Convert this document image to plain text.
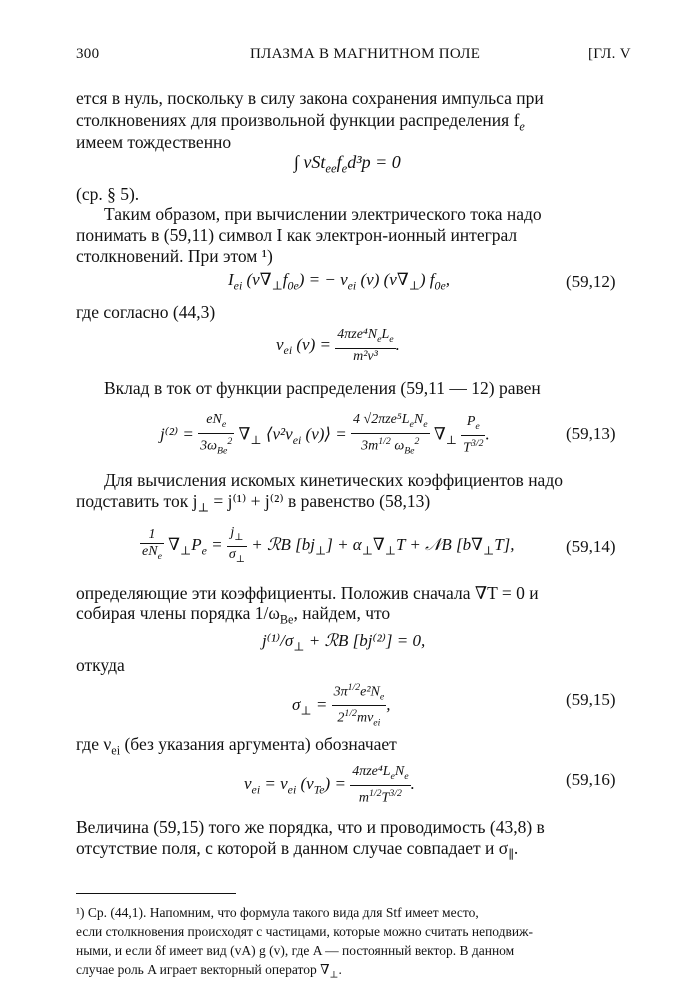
300	ПЛАЗМА В МАГНИТНОМ ПОЛЕ	[ГЛ. V
ется в нуль, поскольку в силу закона сохранения импульса при
столкновениях для произвольной функции распределения $f_e$
имеем тождественно
∫ $vSt_{ee}f_ed^3p = 0$
(ср. § 5).
Таким образом, при вычислении электрического тока надо
понимать в (59,11) символ I как электрон-ионный интеграл
столкновений. При этом ¹)
$I_{ei}$ $(v\nabla_\perp f_{0e})$ = − $\nu_{ei}$ (v) $(v\nabla_\perp)$ $f_{0e}$,	(59,12)
где согласно (44,3)
$\nu_{ei}$ $(v) = \frac{4\pi ze^4N_eL_e}{\text{m²v³}}$ .
Вклад в ток от функции распределения (59,11 — 12) равен
$j^{(2)} = \frac{eN_e}{3\omega_{Be}^2} \nabla_\perp$ $⟨v^2\nu_{ei}$ (v)⟩ = $\frac{4 √2\pi ze^5L_eN_e}{3m^{1/2} \omega_{Be}^2} \nabla_\perp \frac{P_e}{T^{3/2}}$ .	(59,13)
Для вычисления искомых кинетических коэффициентов надо
подставить ток $j_\perp = j^{(1)} + j^{(2)}$ в равенство (58,13)
$\frac{1}{eN_e} \nabla_\perp P_e = \frac{j_\perp}{\sigma_\perp}$ + ℛB $[bj_\perp] + \alpha_\perp\nabla_\perp T$ + 𝒩B $[b\nabla_\perp T]$,	(59,14)
определяющие эти коэффициенты. Положив сначала ∇T = 0 и
собирая члены порядка $1/\omega_{Be}$, найдем, что
$j^{(1)}/\sigma_\perp$ + ℛB [bj⁽²⁾] = 0,
откуда
$\sigma_\perp = \frac{3\pi^{1/2}e^2N_e}{2^{1/2}m\nu_{ei}}$ ,	(59,15)
где $\nu_{ei}$ (без указания аргумента) обозначает
$\nu_{ei} = \nu_{ei}$ $(v_{Te}) = \frac{4\pi ze^4L_eN_e}{m^{1/2}T^{3/2}}$ .	(59,16)
Величина (59,15) того же порядка, что и проводимость (43,8) в
отсутствие поля, с которой в данном случае совпадает и $\sigma_\parallel$.
¹) Ср. (44,1). Напомним, что формула такого вида для Stf имеет место,
если столкновения происходят с частицами, которые можно считать неподвиж-
ными, и если δf имеет вид (vA) g (v), где A — постоянный вектор. В данном
случае роль A играет векторный оператор $\nabla_\perp$.
